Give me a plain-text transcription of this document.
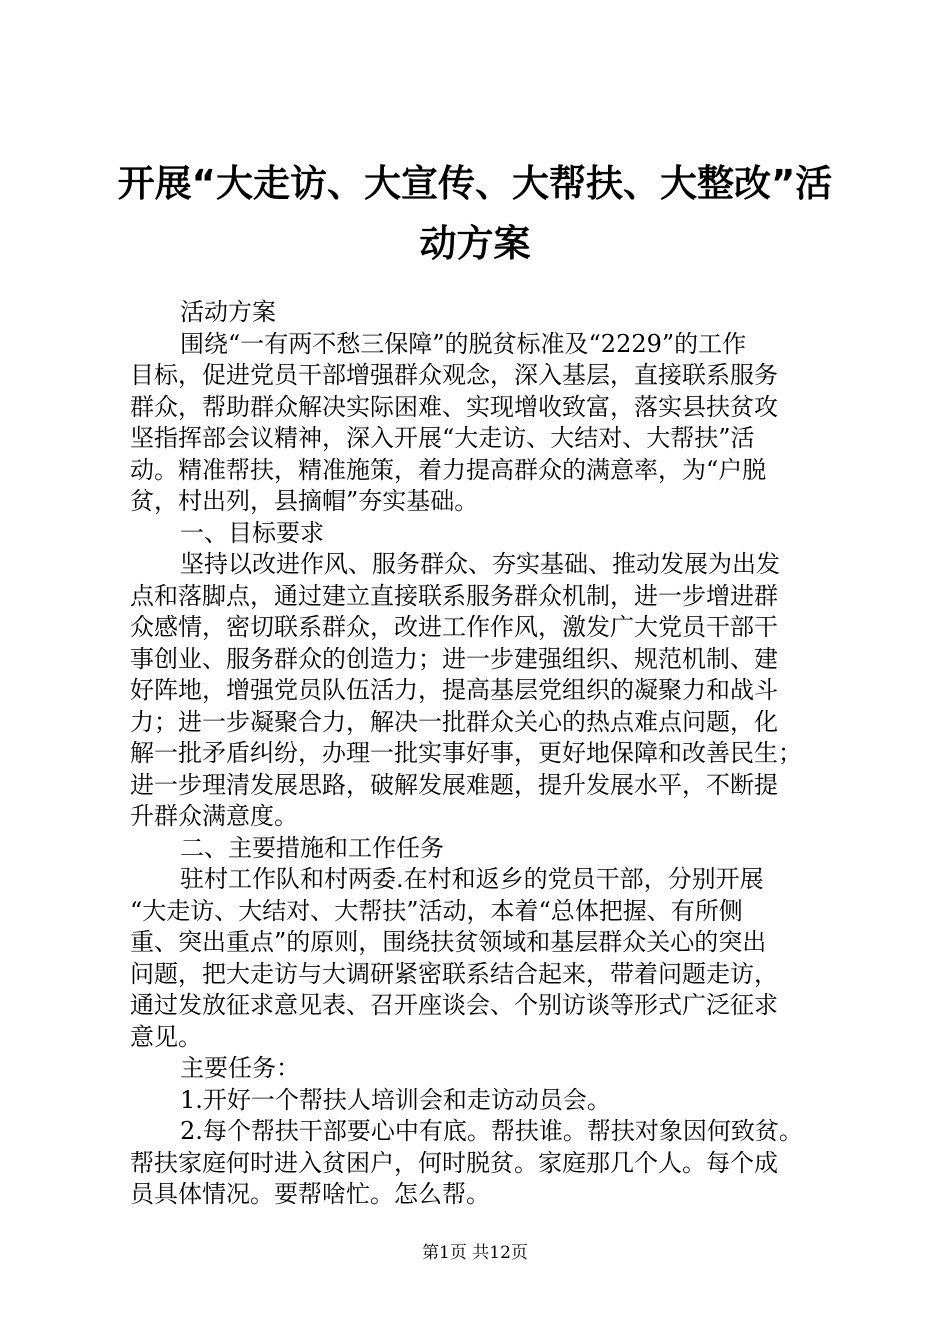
开展“大走访、大宣传、大帮扶、大整改”活
动方案
活动方案
围绕“一有两不愁三保障”的脱贫标准及“2229”的工作
目标，促进党员干部增强群众观念，深入基层，直接联系服务
群众，帮助群众解决实际困难、实现增收致富，落实县扶贫攻
坚指挥部会议精神，深入开展“大走访、大结对、大帮扶”活
动。精准帮扶，精准施策，着力提高群众的满意率，为“户脱
贫，村出列，县摘帽”夯实基础。
一、目标要求
坚持以改进作风、服务群众、夯实基础、推动发展为出发
点和落脚点，通过建立直接联系服务群众机制，进一步增进群
众感情，密切联系群众，改进工作作风，激发广大党员干部干
事创业、服务群众的创造力；进一步建强组织、规范机制、建
好阵地，增强党员队伍活力，提高基层党组织的凝聚力和战斗
力；进一步凝聚合力，解决一批群众关心的热点难点问题，化
解一批矛盾纠纷，办理一批实事好事，更好地保障和改善民生；
进一步理清发展思路，破解发展难题，提升发展水平，不断提
升群众满意度。
二、主要措施和工作任务
驻村工作队和村两委.在村和返乡的党员干部，分别开展
“大走访、大结对、大帮扶”活动，本着“总体把握、有所侧
重、突出重点”的原则，围绕扶贫领域和基层群众关心的突出
问题，把大走访与大调研紧密联系结合起来，带着问题走访，
通过发放征求意见表、召开座谈会、个别访谈等形式广泛征求
意见。
主要任务：
1.开好一个帮扶人培训会和走访动员会。
2.每个帮扶干部要心中有底。帮扶谁。帮扶对象因何致贫。
帮扶家庭何时进入贫困户，何时脱贫。家庭那几个人。每个成
员具体情况。要帮啥忙。怎么帮。
第1页 共12页
